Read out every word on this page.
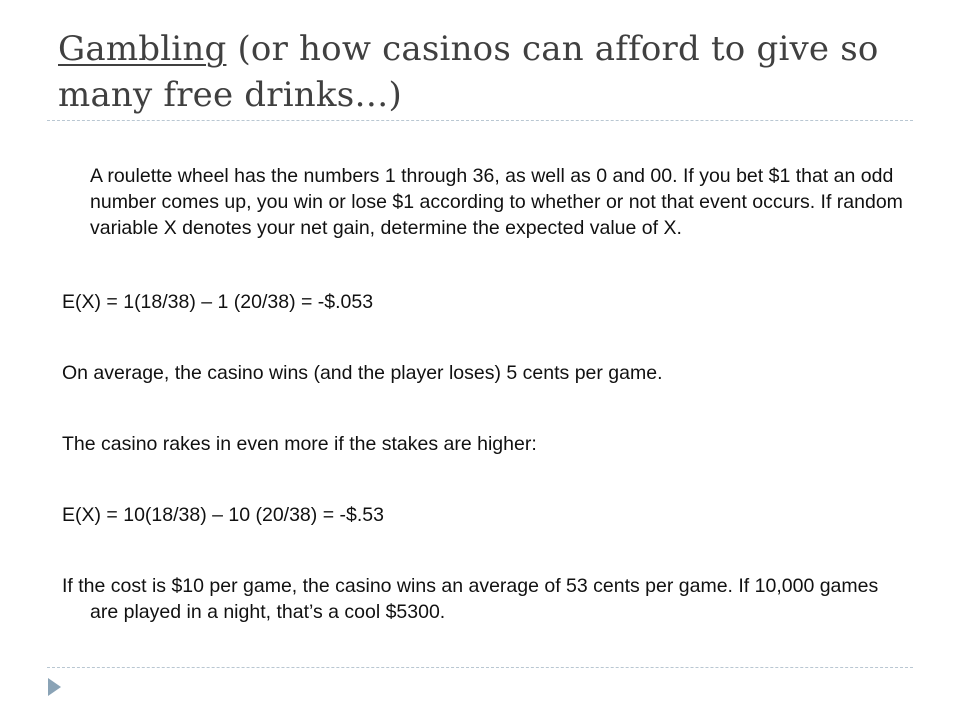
Gambling (or how casinos can afford to give so many free drinks…)

A roulette wheel has the numbers 1 through 36, as well as 0 and 00. If you bet $1 that an odd number comes up, you win or lose $1 according to whether or not that event occurs. If random variable X denotes your net gain, determine the expected value of X.

E(X) = 1(18/38) – 1 (20/38) = -$.053

On average, the casino wins (and the player loses) 5 cents per game.

The casino rakes in even more if the stakes are higher:

E(X) = 10(18/38) – 10 (20/38) = -$.53

If the cost is $10 per game, the casino wins an average of 53 cents per game. If 10,000 games are played in a night, that’s a cool $5300.
